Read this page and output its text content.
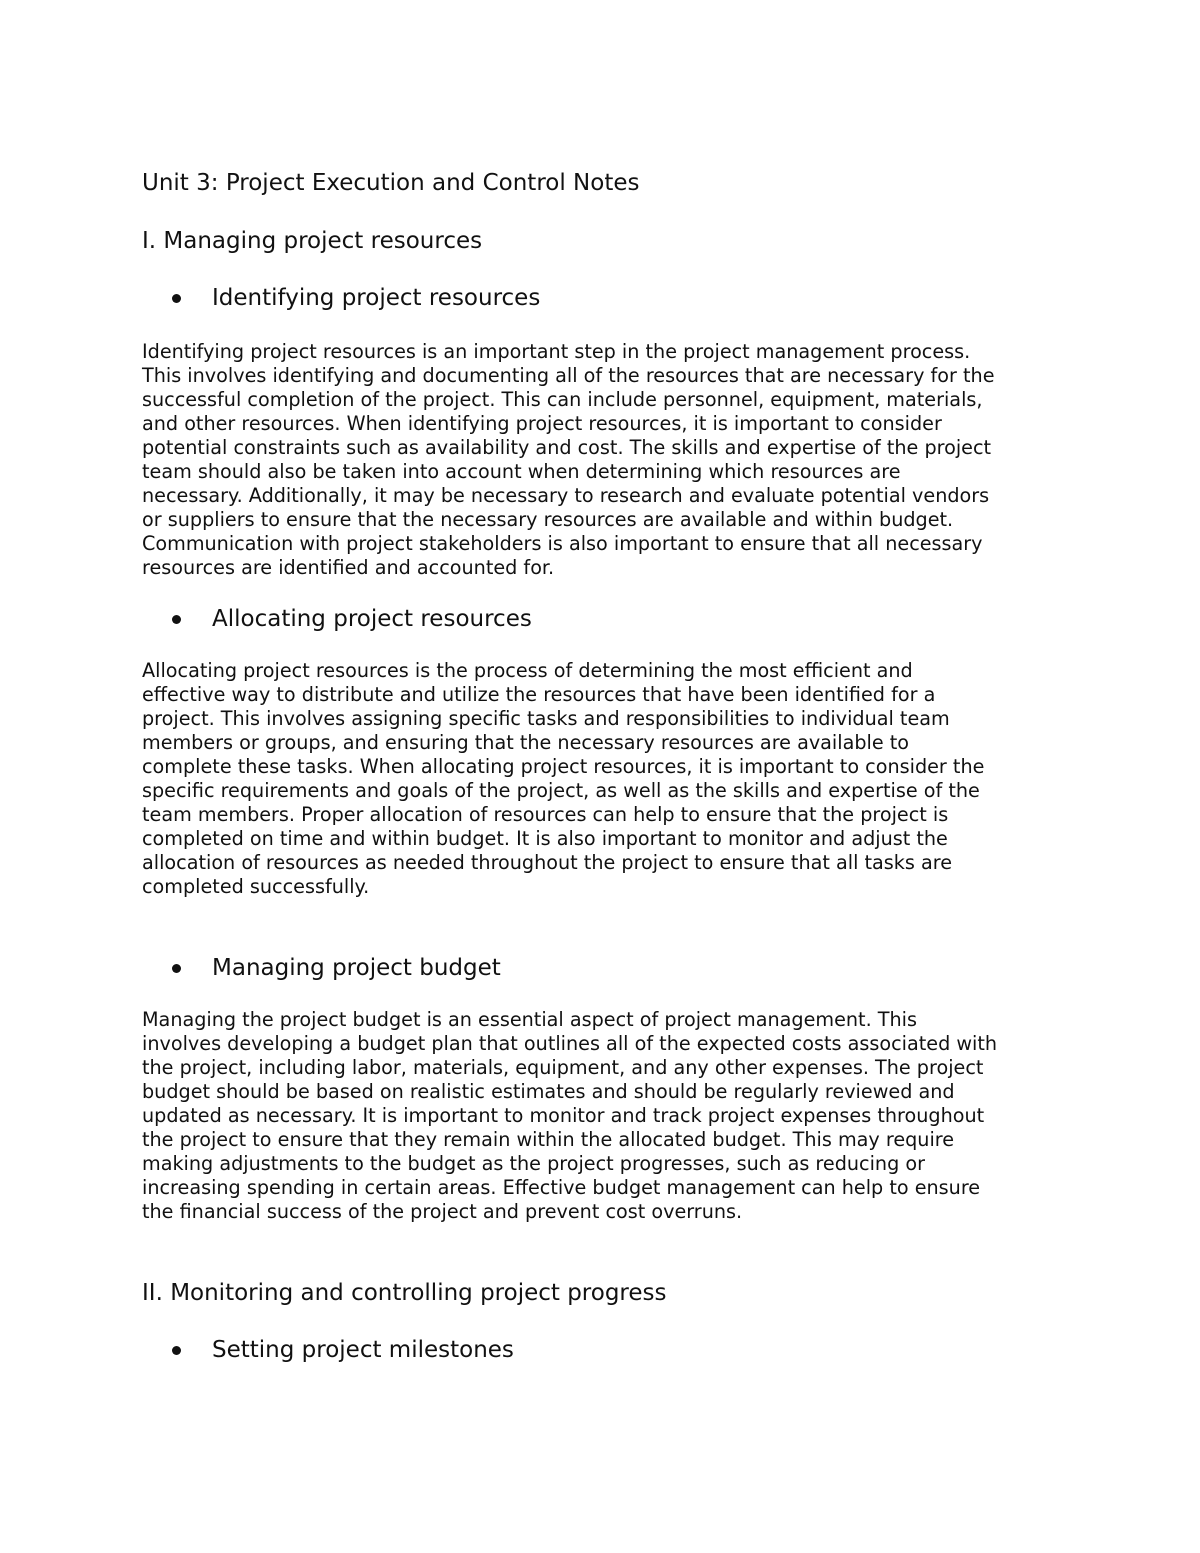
Unit 3: Project Execution and Control Notes
I. Managing project resources
Identifying project resources

Identifying project resources is an important step in the project management process.
This involves identifying and documenting all of the resources that are necessary for the
successful completion of the project. This can include personnel, equipment, materials,
and other resources. When identifying project resources, it is important to consider
potential constraints such as availability and cost. The skills and expertise of the project
team should also be taken into account when determining which resources are
necessary. Additionally, it may be necessary to research and evaluate potential vendors
or suppliers to ensure that the necessary resources are available and within budget.
Communication with project stakeholders is also important to ensure that all necessary
resources are identified and accounted for.

Allocating project resources

Allocating project resources is the process of determining the most efficient and
effective way to distribute and utilize the resources that have been identified for a
project. This involves assigning specific tasks and responsibilities to individual team
members or groups, and ensuring that the necessary resources are available to
complete these tasks. When allocating project resources, it is important to consider the
specific requirements and goals of the project, as well as the skills and expertise of the
team members. Proper allocation of resources can help to ensure that the project is
completed on time and within budget. It is also important to monitor and adjust the
allocation of resources as needed throughout the project to ensure that all tasks are
completed successfully.

Managing project budget

Managing the project budget is an essential aspect of project management. This
involves developing a budget plan that outlines all of the expected costs associated with
the project, including labor, materials, equipment, and any other expenses. The project
budget should be based on realistic estimates and should be regularly reviewed and
updated as necessary. It is important to monitor and track project expenses throughout
the project to ensure that they remain within the allocated budget. This may require
making adjustments to the budget as the project progresses, such as reducing or
increasing spending in certain areas. Effective budget management can help to ensure
the financial success of the project and prevent cost overruns.

II. Monitoring and controlling project progress
Setting project milestones
